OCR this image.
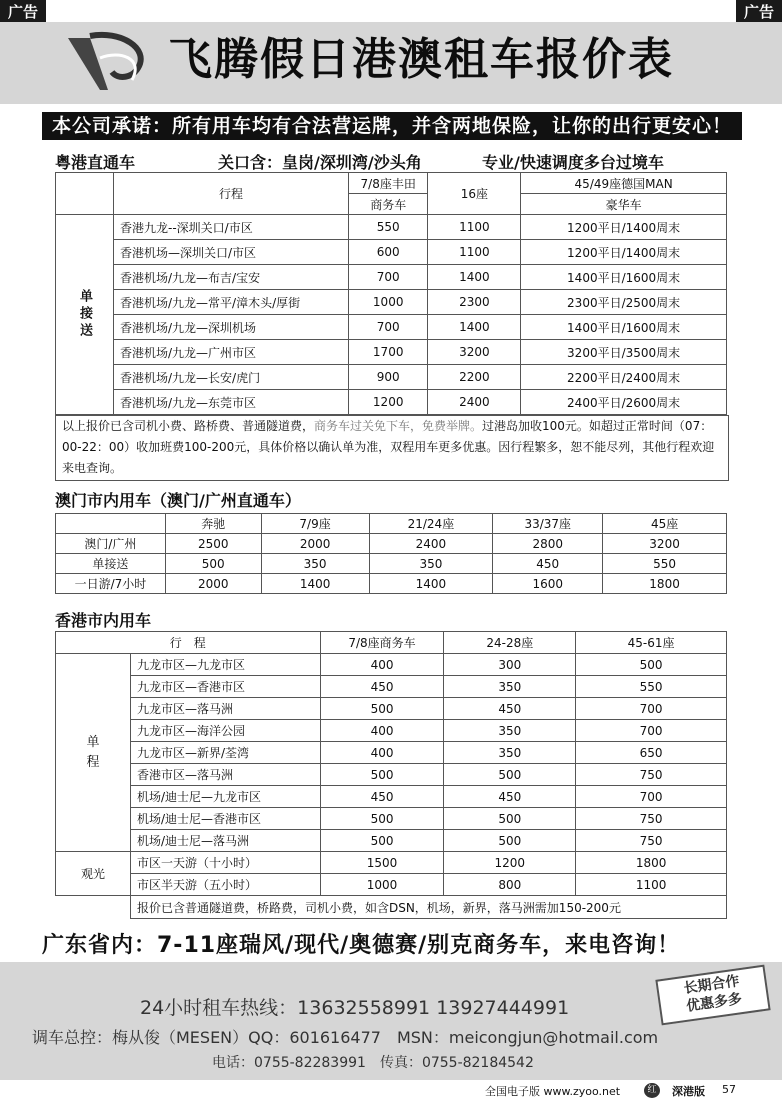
广告	广告
飞腾假日港澳租车报价表
本公司承诺：所有用车均有合法营运牌，并含两地保险，让你的出行更安心！
粤港直通车	关口含：皇岗/深圳湾/沙头角	专业/快速调度多台过境车
	行程	7/8座丰田	16座	45/49座德国MAN
		商务车		豪华车
单接送	香港九龙--深圳关口/市区	550	1100	1200平日/1400周末
	香港机场—深圳关口/市区	600	1100	1200平日/1400周末
	香港机场/九龙—布吉/宝安	700	1400	1400平日/1600周末
	香港机场/九龙—常平/漳木头/厚街	1000	2300	2300平日/2500周末
	香港机场/九龙—深圳机场	700	1400	1400平日/1600周末
	香港机场/九龙—广州市区	1700	3200	3200平日/3500周末
	香港机场/九龙—长安/虎门	900	2200	2200平日/2400周末
	香港机场/九龙—东莞市区	1200	2400	2400平日/2600周末
以上报价已含司机小费、路桥费、普通隧道费，商务车过关免下车，免费举牌。过港岛加收100元。如超过正常时间（07：00-22：00）收加班费100-200元，具体价格以确认单为准，双程用车更多优惠。因行程繁多，恕不能尽列，其他行程欢迎来电查询。
澳门市内用车（澳门/广州直通车）
	奔驰	7/9座	21/24座	33/37座	45座
澳门/广州	2500	2000	2400	2800	3200
单接送	500	350	350	450	550
一日游/7小时	2000	1400	1400	1600	1800
香港市内用车
行　程		7/8座商务车	24-28座	45-61座
单程	九龙市区—九龙市区	400	300	500
	九龙市区—香港市区	450	350	550
	九龙市区—落马洲	500	450	700
	九龙市区—海洋公园	400	350	700
	九龙市区—新界/荃湾	400	350	650
	香港市区—落马洲	500	500	750
	机场/迪士尼—九龙市区	450	450	700
	机场/迪士尼—香港市区	500	500	750
	机场/迪士尼—落马洲	500	500	750
观光	市区一天游（十小时）	1500	1200	1800
	市区半天游（五小时）	1000	800	1100
	报价已含普通隧道费，桥路费，司机小费，如含DSN，机场，新界，落马洲需加150-200元			
广东省内：7-11座瑞风/现代/奥德赛/别克商务车，来电咨询！
长期合作
优惠多多
24小时租车热线：13632558991 13927444991
调车总控：梅从俊（MESEN）QQ：601616477　MSN：meicongjun@hotmail.com
电话：0755-82283991　传真：0755-82184542
全国电子版 www.zyoo.net	红	深港版 57
